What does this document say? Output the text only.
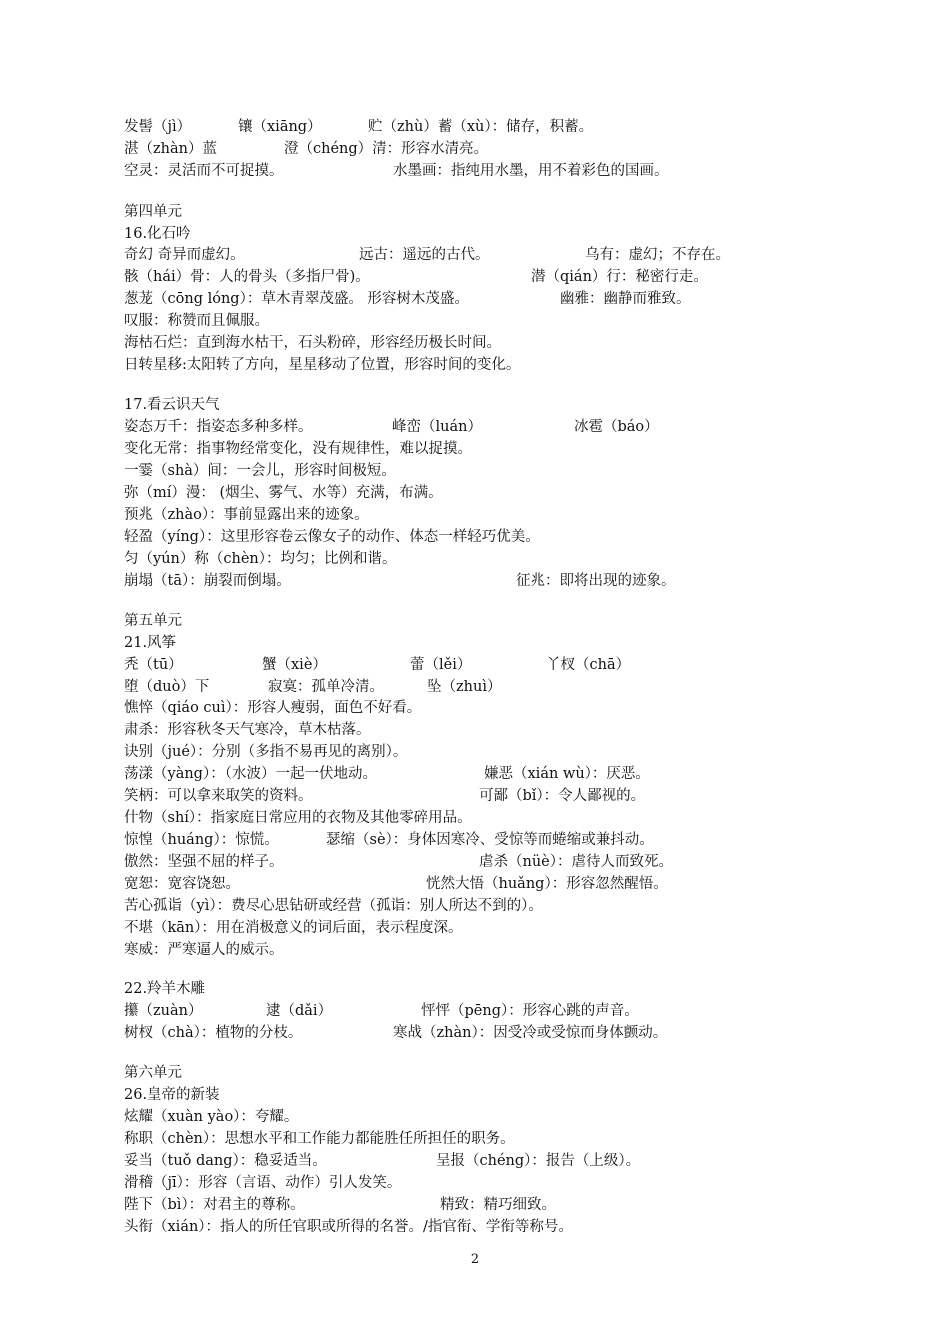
发髻（jì）	镶（xiāng）	贮（zhù）蓄（xù）：储存，积蓄。
湛（zhàn）蓝	澄（chéng）清：形容水清亮。
空灵：灵活而不可捉摸。	水墨画：指纯用水墨，用不着彩色的国画。
第四单元
16.化石吟
奇幻 奇异而虚幻。	远古：遥远的古代。	乌有：虚幻；不存在。
骸（hái）骨：人的骨头（多指尸骨)。	潜（qián）行：秘密行走。
葱茏（cōng lóng）：草木青翠茂盛。 形容树木茂盛。	幽雅：幽静而雅致。
叹服：称赞而且佩服。
海枯石烂：直到海水枯干，石头粉碎，形容经历极长时间。
日转星移:太阳转了方向，星星移动了位置，形容时间的变化。
17.看云识天气
姿态万千：指姿态多种多样。	峰峦（luán）	冰雹（báo）
变化无常：指事物经常变化，没有规律性，难以捉摸。
一霎（shà）间：一会儿，形容时间极短。
弥（mí）漫： (烟尘、雾气、水等）充满，布满。
预兆（zhào）：事前显露出来的迹象。
轻盈（yíng）：这里形容卷云像女子的动作、体态一样轻巧优美。
匀（yún）称（chèn）：均匀；比例和谐。
崩塌（tā）：崩裂而倒塌。	征兆：即将出现的迹象。
第五单元
21.风筝
秃（tū）	蟹（xiè）	蕾（lěi）	丫杈（chā）
堕（duò）下	寂寞：孤单冷清。	坠（zhuì）
憔悴（qiáo cuì）：形容人瘦弱，面色不好看。
肃杀：形容秋冬天气寒冷，草木枯落。
诀别（jué）：分别（多指不易再见的离别）。
荡漾（yàng）：（水波）一起一伏地动。	嫌恶（xián wù）：厌恶。
笑柄：可以拿来取笑的资料。	可鄙（bǐ）：令人鄙视的。
什物（shí）：指家庭日常应用的衣物及其他零碎用品。
惊惶（huáng）：惊慌。	瑟缩（sè）：身体因寒冷、受惊等而蜷缩或兼抖动。
傲然：坚强不屈的样子。	虐杀（nüè）：虐待人而致死。
宽恕：宽容饶恕。	恍然大悟（huǎng）：形容忽然醒悟。
苦心孤诣（yì）：费尽心思钻研或经营（孤诣：别人所达不到的）。
不堪（kān）：用在消极意义的词后面，表示程度深。
寒威：严寒逼人的威示。
22.羚羊木雕
攥（zuàn）	逮（dǎi）	怦怦（pēng）：形容心跳的声音。
树杈（chà）：植物的分枝。	寒战（zhàn）：因受冷或受惊而身体颤动。
第六单元
26.皇帝的新装
炫耀（xuàn yào）：夸耀。
称职（chèn）：思想水平和工作能力都能胜任所担任的职务。
妥当（tuǒ dang）：稳妥适当。	呈报（chéng）：报告（上级）。
滑稽（jī）：形容（言语、动作）引人发笑。
陛下（bì）：对君主的尊称。	精致：精巧细致。
头衔（xián）：指人的所任官职或所得的名誉。/指官衔、学衔等称号。
2
